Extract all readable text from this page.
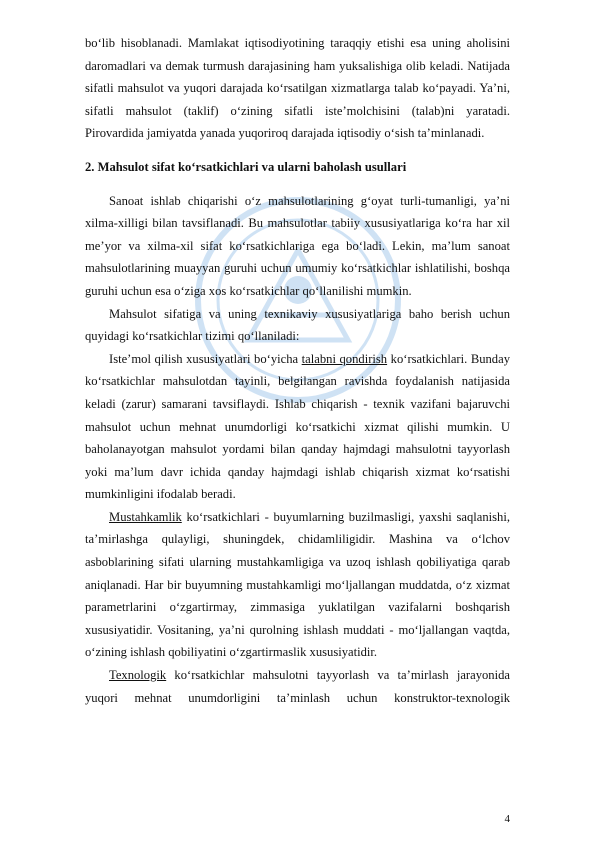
bo‘lib hisoblanadi. Mamlakat iqtisodiyotining taraqqiy etishi esa uning aholisini daromadlari va demak turmush darajasining ham yuksalishiga olib keladi. Natijada sifatli mahsulot va yuqori darajada ko‘rsatilgan xizmatlarga talab ko‘payadi. Ya’ni, sifatli mahsulot (taklif) o‘zining sifatli iste’molchisini (talab)ni yaratadi. Pirovardida jamiyatda yanada yuqoriroq darajada iqtisodiy o‘sish ta’minlanadi.

2. Mahsulot sifat ko‘rsatkichlari va ularni baholash usullari

Sanoat ishlab chiqarishi o‘z mahsulotlarining g‘oyat turli-tumanligi, ya’ni xilma-xilligi bilan tavsiflanadi. Bu mahsulotlar tabiiy xususiyatlariga ko‘ra har xil me’yor va xilma-xil sifat ko‘rsatkichlariga ega bo‘ladi. Lekin, ma’lum sanoat mahsulotlarining muayyan guruhi uchun umumiy ko‘rsatkichlar ishlatilishi, boshqa guruhi uchun esa o‘ziga xos ko‘rsatkichlar qo‘llanilishi mumkin.

Mahsulot sifatiga va uning texnikaviy xususiyatlariga baho berish uchun quyidagi ko‘rsatkichlar tizimi qo‘llaniladi:

Iste’mol qilish xususiyatlari bo‘yicha talabni qondirish ko‘rsatkichlari. Bunday ko‘rsatkichlar mahsulotdan tayinli, belgilangan ravishda foydalanish natijasida keladi (zarur) samarani tavsiflaydi. Ishlab chiqarish - texnik vazifani bajaruvchi mahsulot uchun mehnat unumdorligi ko‘rsatkichi xizmat qilishi mumkin. U baholanayotgan mahsulot yordami bilan qanday hajmdagi mahsulotni tayyorlash yoki ma’lum davr ichida qanday hajmdagi ishlab chiqarish xizmat ko‘rsatishi mumkinligini ifodalab beradi.

Mustahkamlik ko‘rsatkichlari - buyumlarning buzilmasligi, yaxshi saqlanishi, ta’mirlashga qulayligi, shuningdek, chidamliligidir. Mashina va o‘lchov asboblarining sifati ularning mustahkamligiga va uzoq ishlash qobiliyatiga qarab aniqlanadi. Har bir buyumning mustahkamligi mo‘ljallangan muddatda, o‘z xizmat parametrlarini o‘zgartirmay, zimmasiga yuklatilgan vazifalarni boshqarish xususiyatidir. Vositaning, ya’ni qurolning ishlash muddati - mo‘ljallangan vaqtda, o‘zining ishlash qobiliyatini o‘zgartirmaslik xususiyatidir.

Texnologik ko‘rsatkichlar mahsulotni tayyorlash va ta’mirlash jarayonida yuqori mehnat unumdorligini ta’minlash uchun konstruktor-texnologik

4
